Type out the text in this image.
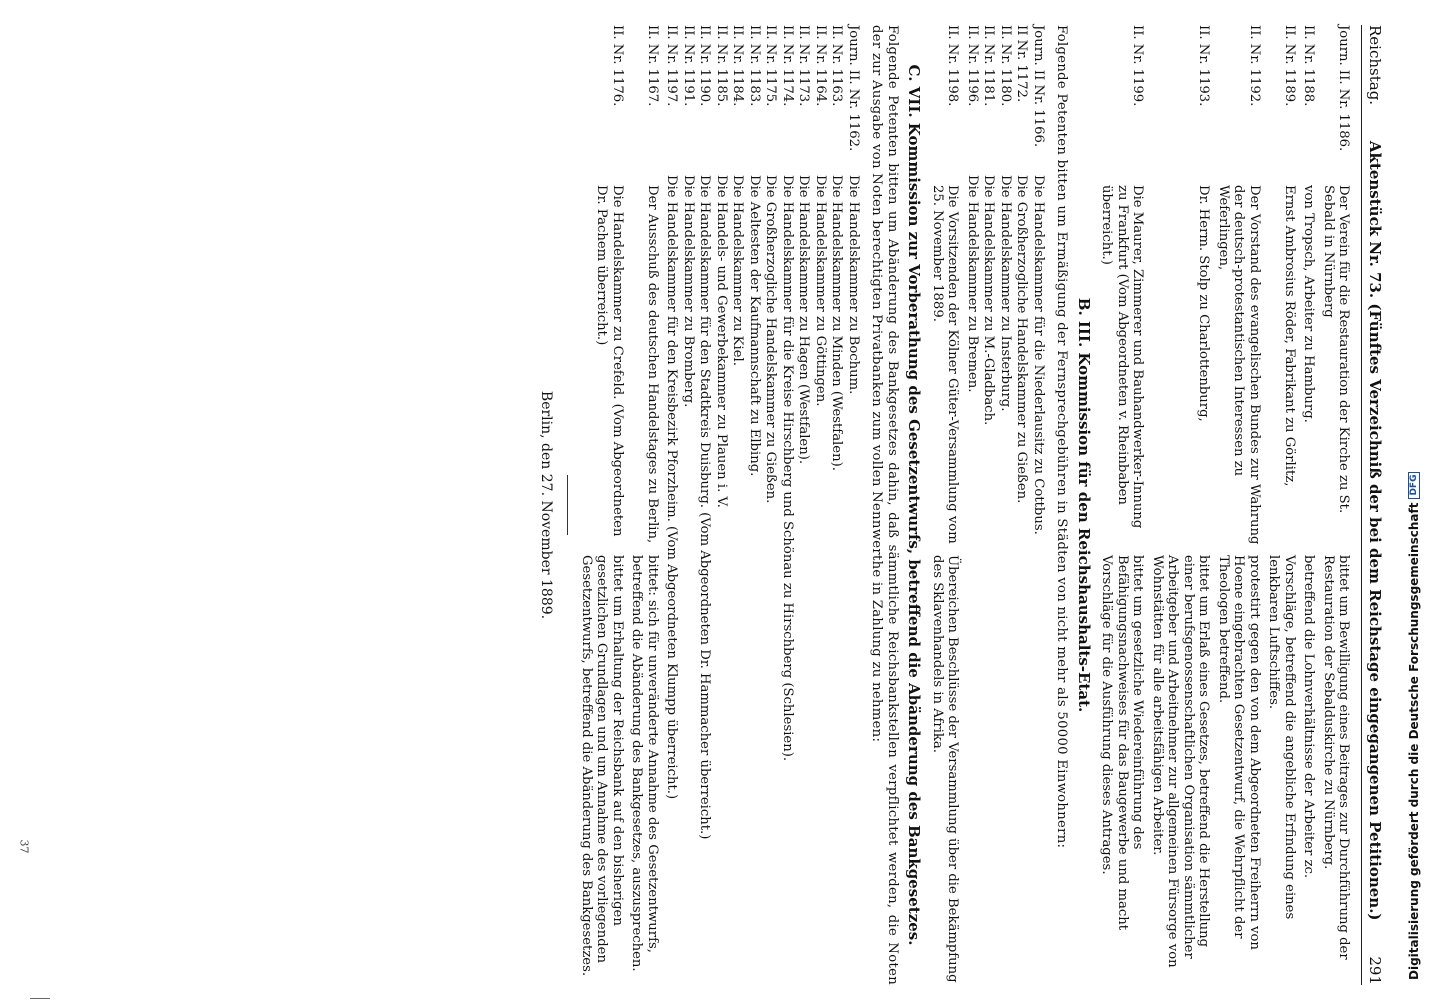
Reichstag.
Aktenstück Nr. 73. (Fünftes Verzeichniß der bei dem Reichstage eingegangenen Petitionen.)
291
Journ. II. Nr. 1186.
Der Verein für die Restauration der Kirche zu St. Sebald in Nürnberg
bittet um Bewilligung eines Beitrages zur Durchführung der Restauration der Sebalduskirche zu Nürnberg.
II. Nr. 1188.
von Tropsch, Arbeiter zu Hamburg.
betreffend die Lohnverhältnisse der Arbeiter zc.
II. Nr. 1189.
Ernst Ambrosius Röder, Fabrikant zu Görlitz,
Vorschläge, betreffend die angebliche Erfindung eines lenkbaren Luftschiffes.
II. Nr. 1192.
Der Vorstand des evangelischen Bundes zur Wahrung der deutsch-protestantischen Interessen zu Weferlingen,
protestirt gegen den von dem Abgeordneten Freiherrn von Hoene eingebrachten Gesetzentwurf, die Wehrpflicht der Theologen betreffend.
II. Nr. 1193.
Dr. Herm. Stolp zu Charlottenburg,
bittet um Erlaß eines Gesetzes, betreffend die Herstellung einer berufsgenossenschaftlichen Organisation sämmtlicher Arbeitgeber und Arbeitnehmer zur allgemeinen Fürsorge von Wohnstätten für alle arbeitsfähigen Arbeiter.
II. Nr. 1199.
Die Maurer, Zimmerer und Bauhandwerker-Innung zu Frankfurt (Vom Abgeordneten v. Rheinbaben überreicht.)
bittet um gesetzliche Wiedereinführung des Befähigungsnachweises für das Baugewerbe und macht Vorschläge für die Ausführung dieses Antrages.
B. III. Kommission für den Reichshaushalts-Etat.
Folgende Petenten bitten um Ermäßigung der Fernsprechgebühren in Städten von nicht mehr als 50000 Einwohnern:
Journ. II Nr. 1166.
Die Handelskammer für die Niederlausitz zu Cottbus.
II Nr. 1172.
Die Großherzogliche Handelskammer zu Gießen.
II. Nr. 1180.
Die Handelskammer zu Insterburg.
II. Nr. 1181.
Die Handelskammer zu M.-Gladbach.
II. Nr. 1196.
Die Handelskammer zu Bremen.
II. Nr. 1198.
Die Vorsitzenden der Kölner Güter-Versammlung vom 25. November 1889.
Übereichen Beschlüsse der Versammlung über die Bekämpfung des Sklavenhandels in Afrika.
C. VII. Kommission zur Vorberathung des Gesetzentwurfs, betreffend die Abänderung des Bankgesetzes.
Folgende Petenten bitten um Abänderung des Bankgesetzes dahin, daß sämmtliche Reichsbankstellen verpflichtet werden, die Noten der zur Ausgabe von Noten berechtigten Privatbanken zum vollen Nennwerthe in Zahlung zu nehmen:
Journ. II. Nr. 1162.
Die Handelskammer zu Bochum.
II. Nr. 1163.
Die Handelskammer zu Minden (Westfalen).
II. Nr. 1164.
Die Handelskammer zu Göttingen.
II. Nr. 1173.
Die Handelskammer zu Hagen (Westfalen).
II. Nr. 1174.
Die Handelskammer für die Kreise Hirschberg und Schönau zu Hirschberg (Schlesien).
II. Nr. 1175.
Die Großherzogliche Handelskammer zu Gießen.
II. Nr. 1183.
Die Aeltesten der Kaufmannschaft zu Elbing.
II. Nr. 1184.
Die Handelskammer zu Kiel.
II. Nr. 1185.
Die Handels- und Gewerbekammer zu Plauen i. V.
II. Nr. 1190.
Die Handelskammer für den Stadtkreis Duisburg. (Vom Abgeordneten Dr. Hammacher überreicht.)
II. Nr. 1191.
Die Handelskammer zu Bromberg.
II. Nr. 1197.
Die Handelskammer für den Kreisbezirk Pforzheim. (Vom Abgeordneten Klumpp überreicht.)
II. Nr. 1167.
Der Ausschuß des deutschen Handelstages zu Berlin,
bittet: sich für unveränderte Annahme des Gesetzentwurfs, betreffend die Abänderung des Bankgesetzes, auszusprechen.
II. Nr. 1176.
Die Handelskammer zu Crefeld. (Vom Abgeordneten Dr. Pachem überreicht.)
bittet um Erhaltung der Reichsbank auf den bisherigen gesetzlichen Grundlagen und um Annahme des vorliegenden Gesetzentwurfs, betreffend die Abänderung des Bankgesetzes.
Berlin, den 27. November 1889.
37	Digitalisierung gefördert durch die Deutsche Forschungsgemeinschaft
DFG
